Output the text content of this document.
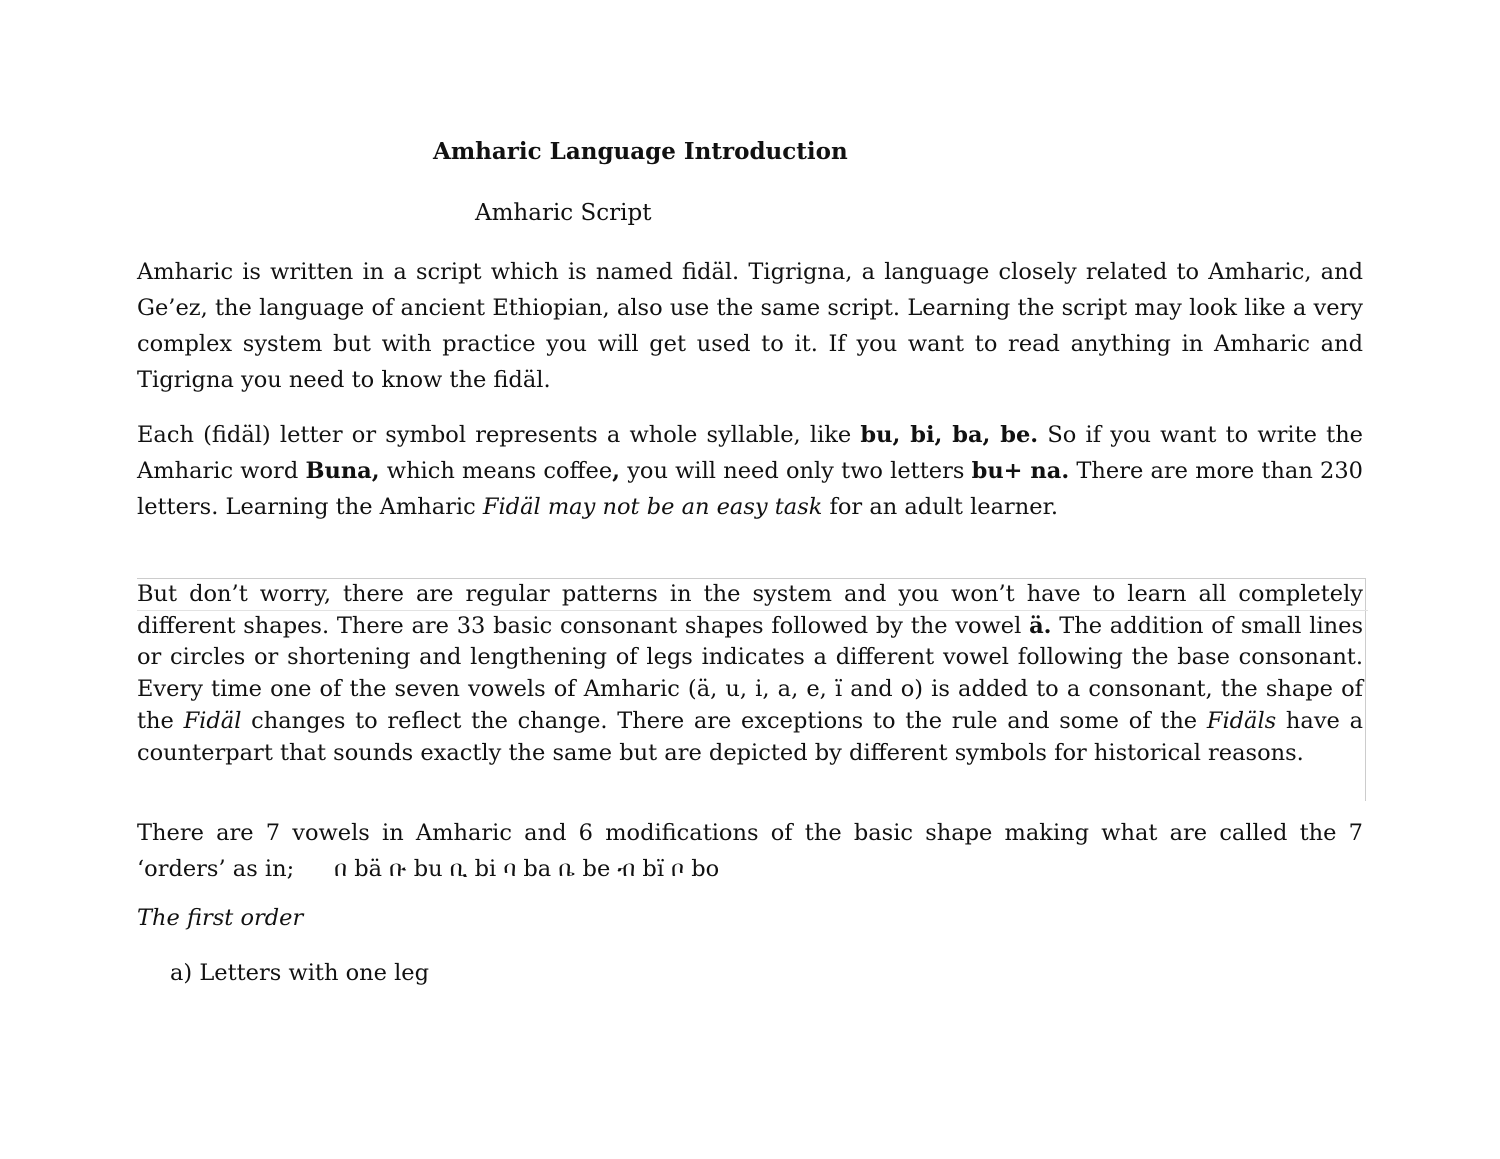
Amharic Language Introduction
Amharic Script

Amharic is written in a script which is named fidäl. Tigrigna, a language closely related to Amharic, and Ge’ez, the language of ancient Ethiopian, also use the same script. Learning the script may look like a very complex system but with practice you will get used to it. If you want to read anything in Amharic and Tigrigna you need to know the fidäl.

Each (fidäl) letter or symbol represents a whole syllable, like bu, bi, ba, be. So if you want to write the Amharic word Buna, which means coffee, you will need only two letters bu+ na. There are more than 230 letters. Learning the Amharic Fidäl may not be an easy task for an adult learner.

But don’t worry, there are regular patterns in the system and you won’t have to learn all completely different shapes. There are 33 basic consonant shapes followed by the vowel ä. The addition of small lines or circles or shortening and lengthening of legs indicates a different vowel following the base consonant. Every time one of the seven vowels of Amharic (ä, u, i, a, e, ï and o) is added to a consonant, the shape of the Fidäl changes to reflect the change. There are exceptions to the rule and some of the Fidäls have a counterpart that sounds exactly the same but are depicted by different symbols for historical reasons.

There are 7 vowels in Amharic and 6 modifications of the basic shape making what are called the 7 ‘orders’ as in; በ bä ቡ bu ቢ bi ባ ba ቤ be ብ bï ቦ bo

The first order
a) Letters with one leg
